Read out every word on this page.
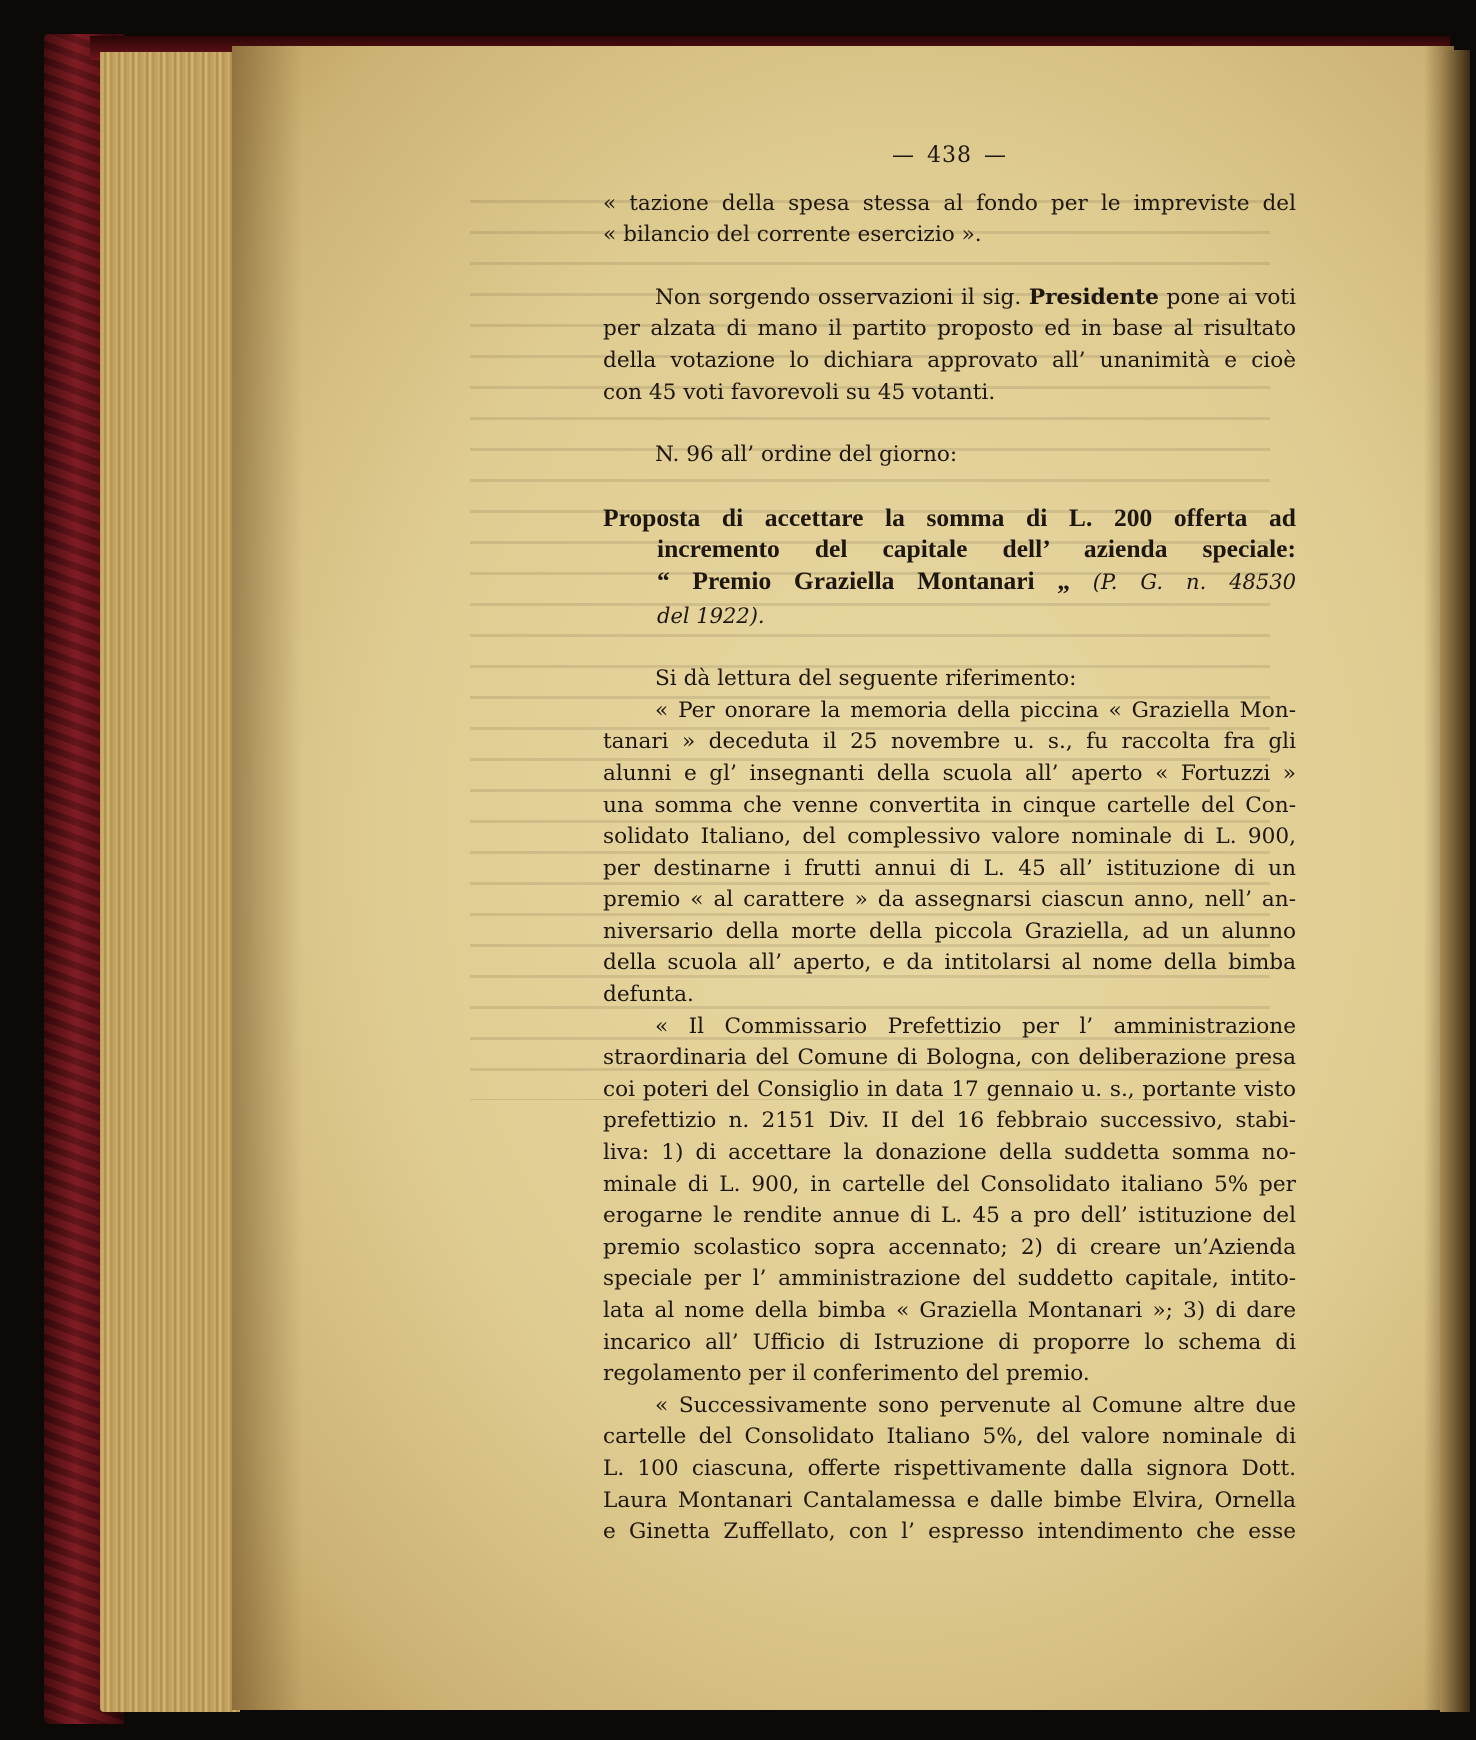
— 438 —
« tazione della spesa stessa al fondo per le impreviste del
« bilancio del corrente esercizio ».
Non sorgendo osservazioni il sig. Presidente pone ai voti
per alzata di mano il partito proposto ed in base al risultato
della votazione lo dichiara approvato all’ unanimità e cioè
con 45 voti favorevoli su 45 votanti.
N. 96 all’ ordine del giorno:
Proposta di accettare la somma di L. 200 offerta ad
incremento del capitale dell’ azienda speciale:
“ Premio Graziella Montanari „ (P. G. n. 48530
del 1922).
Si dà lettura del seguente riferimento:
« Per onorare la memoria della piccina « Graziella Mon-
tanari » deceduta il 25 novembre u. s., fu raccolta fra gli
alunni e gl’ insegnanti della scuola all’ aperto « Fortuzzi »
una somma che venne convertita in cinque cartelle del Con-
solidato Italiano, del complessivo valore nominale di L. 900,
per destinarne i frutti annui di L. 45 all’ istituzione di un
premio « al carattere » da assegnarsi ciascun anno, nell’ an-
niversario della morte della piccola Graziella, ad un alunno
della scuola all’ aperto, e da intitolarsi al nome della bimba
defunta.
« Il Commissario Prefettizio per l’ amministrazione
straordinaria del Comune di Bologna, con deliberazione presa
coi poteri del Consiglio in data 17 gennaio u. s., portante visto
prefettizio n. 2151 Div. II del 16 febbraio successivo, stabi-
liva: 1) di accettare la donazione della suddetta somma no-
minale di L. 900, in cartelle del Consolidato italiano 5% per
erogarne le rendite annue di L. 45 a pro dell’ istituzione del
premio scolastico sopra accennato; 2) di creare un’Azienda
speciale per l’ amministrazione del suddetto capitale, intito-
lata al nome della bimba « Graziella Montanari »; 3) di dare
incarico all’ Ufficio di Istruzione di proporre lo schema di
regolamento per il conferimento del premio.
« Successivamente sono pervenute al Comune altre due
cartelle del Consolidato Italiano 5%, del valore nominale di
L. 100 ciascuna, offerte rispettivamente dalla signora Dott.
Laura Montanari Cantalamessa e dalle bimbe Elvira, Ornella
e Ginetta Zuffellato, con l’ espresso intendimento che esse
